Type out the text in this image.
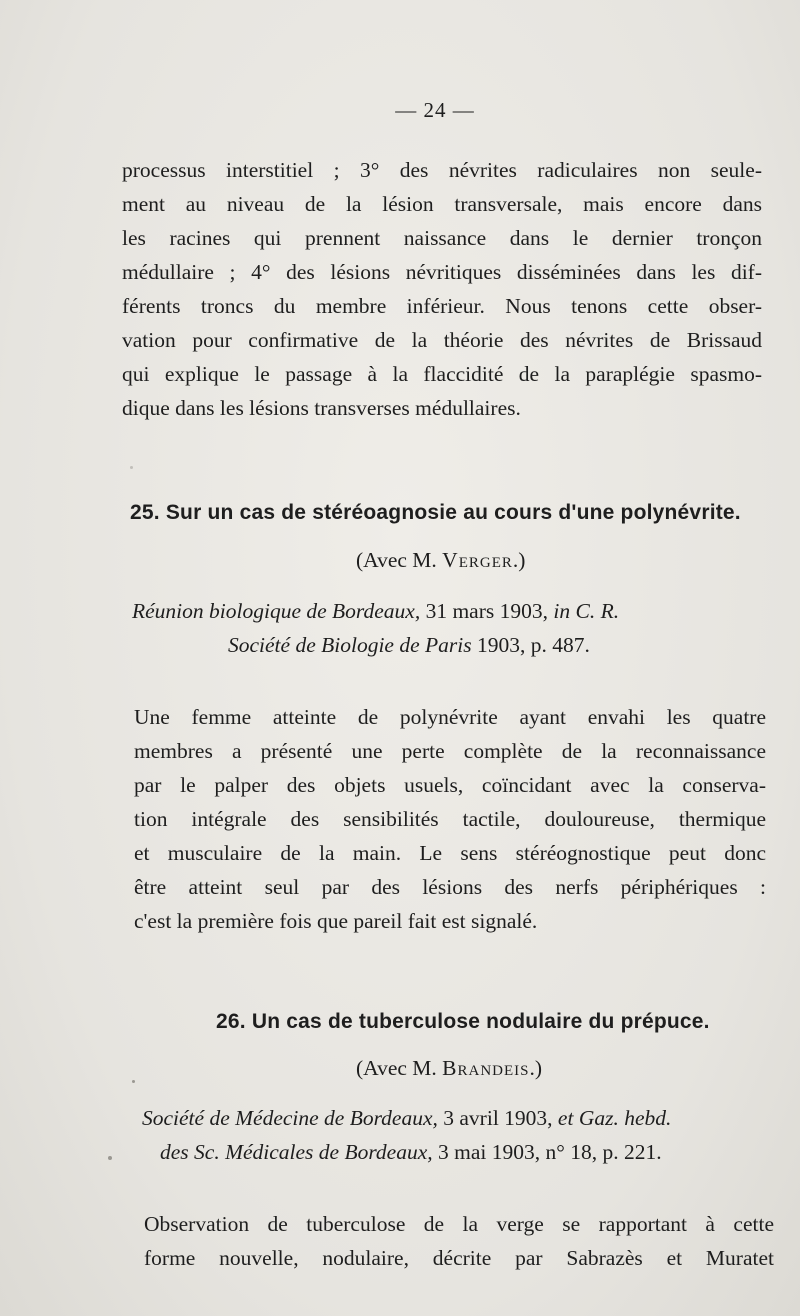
— 24 —
processus interstitiel ; 3° des névrites radiculaires non seule-
ment au niveau de la lésion transversale, mais encore dans
les racines qui prennent naissance dans le dernier tronçon
médullaire ; 4° des lésions névritiques disséminées dans les dif-
férents troncs du membre inférieur. Nous tenons cette obser-
vation pour confirmative de la théorie des névrites de Brissaud
qui explique le passage à la flaccidité de la paraplégie spasmo-
dique dans les lésions transverses médullaires.
25. Sur un cas de stéréoagnosie au cours d'une polynévrite.
(Avec M. Verger.)
Réunion biologique de Bordeaux, 31 mars 1903, in C. R.
Société de Biologie de Paris 1903, p. 487.
Une femme atteinte de polynévrite ayant envahi les quatre
membres a présenté une perte complète de la reconnaissance
par le palper des objets usuels, coïncidant avec la conserva-
tion intégrale des sensibilités tactile, douloureuse, thermique
et musculaire de la main. Le sens stéréognostique peut donc
être atteint seul par des lésions des nerfs périphériques :
c'est la première fois que pareil fait est signalé.
26. Un cas de tuberculose nodulaire du prépuce.
(Avec M. Brandeis.)
Société de Médecine de Bordeaux, 3 avril 1903, et Gaz. hebd.
des Sc. Médicales de Bordeaux, 3 mai 1903, n° 18, p. 221.
Observation de tuberculose de la verge se rapportant à cette
forme nouvelle, nodulaire, décrite par Sabrazès et Muratet
